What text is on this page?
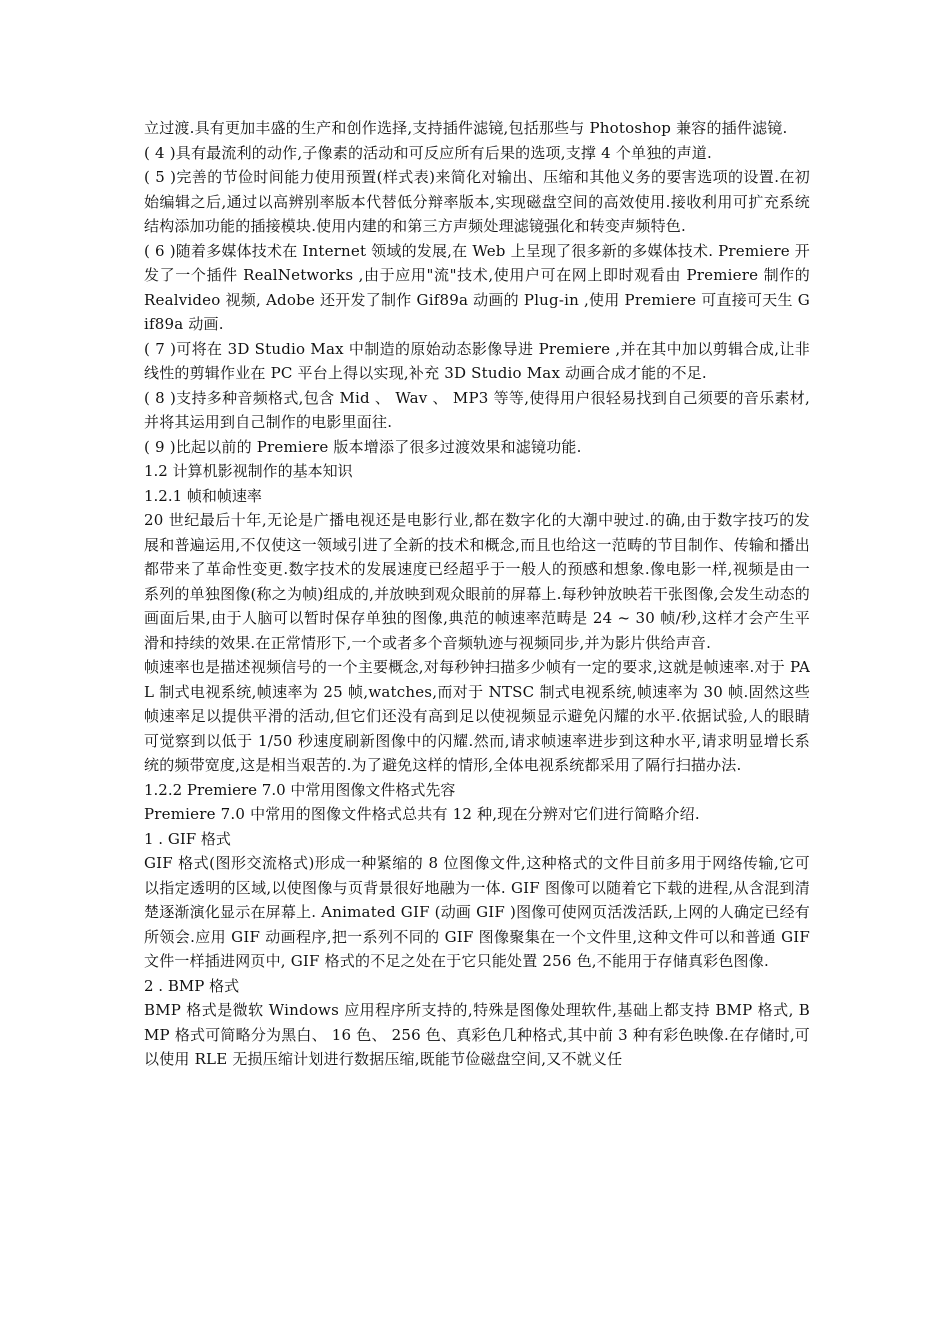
立过渡.具有更加丰盛的生产和创作选择,支持插件滤镜,包括那些与 Photoshop 兼容的插件滤镜.

( 4 )具有最流利的动作,子像素的活动和可反应所有后果的选项,支撑 4 个单独的声道.

( 5 )完善的节俭时间能力使用预置(样式表)来简化对输出、压缩和其他义务的要害选项的设置.在初始编辑之后,通过以高辨别率版本代替低分辩率版本,实现磁盘空间的高效使用.接收利用可扩充系统结构添加功能的插接模块.使用内建的和第三方声频处理滤镜强化和转变声频特色.

( 6 )随着多媒体技术在 Internet 领域的发展,在 Web 上呈现了很多新的多媒体技术. Premiere 开发了一个插件 RealNetworks ,由于应用"流"技术,使用户可在网上即时观看由 Premiere 制作的 Realvideo 视频, Adobe 还开发了制作 Gif89a 动画的 Plug-in ,使用 Premiere 可直接可天生 Gif89a 动画.

( 7 )可将在 3D Studio Max 中制造的原始动态影像导进 Premiere ,并在其中加以剪辑合成,让非线性的剪辑作业在 PC 平台上得以实现,补充 3D Studio Max 动画合成才能的不足.

( 8 )支持多种音频格式,包含 Mid 、 Wav 、 MP3 等等,使得用户很轻易找到自己须要的音乐素材,并将其运用到自己制作的电影里面往.

( 9 )比起以前的 Premiere 版本增添了很多过渡效果和滤镜功能.

1.2 计算机影视制作的基本知识

1.2.1 帧和帧速率

20 世纪最后十年,无论是广播电视还是电影行业,都在数字化的大潮中驶过.的确,由于数字技巧的发展和普遍运用,不仅使这一领域引进了全新的技术和概念,而且也给这一范畴的节目制作、传输和播出都带来了革命性变更.数字技术的发展速度已经超乎于一般人的预感和想象.像电影一样,视频是由一系列的单独图像(称之为帧)组成的,并放映到观众眼前的屏幕上.每秒钟放映若干张图像,会发生动态的画面后果,由于人脑可以暂时保存单独的图像,典范的帧速率范畴是 24 ~ 30 帧/秒,这样才会产生平滑和持续的效果.在正常情形下,一个或者多个音频轨迹与视频同步,并为影片供给声音.

帧速率也是描述视频信号的一个主要概念,对每秒钟扫描多少帧有一定的要求,这就是帧速率.对于 PAL 制式电视系统,帧速率为 25 帧,watches,而对于 NTSC 制式电视系统,帧速率为 30 帧.固然这些帧速率足以提供平滑的活动,但它们还没有高到足以使视频显示避免闪耀的水平.依据试验,人的眼睛可觉察到以低于 1/50 秒速度刷新图像中的闪耀.然而,请求帧速率进步到这种水平,请求明显增长系统的频带宽度,这是相当艰苦的.为了避免这样的情形,全体电视系统都采用了隔行扫描办法.

1.2.2 Premiere 7.0 中常用图像文件格式先容

Premiere 7.0 中常用的图像文件格式总共有 12 种,现在分辨对它们进行简略介绍.

1 . GIF 格式

GIF 格式(图形交流格式)形成一种紧缩的 8 位图像文件,这种格式的文件目前多用于网络传输,它可以指定透明的区域,以使图像与页背景很好地融为一体. GIF 图像可以随着它下载的进程,从含混到清楚逐渐演化显示在屏幕上. Animated GIF (动画 GIF )图像可使网页活泼活跃,上网的人确定已经有所领会.应用 GIF 动画程序,把一系列不同的 GIF 图像聚集在一个文件里,这种文件可以和普通 GIF 文件一样插进网页中, GIF 格式的不足之处在于它只能处置 256 色,不能用于存储真彩色图像.

2 . BMP 格式

BMP 格式是微软 Windows 应用程序所支持的,特殊是图像处理软件,基础上都支持 BMP 格式, BMP 格式可简略分为黑白、 16 色、 256 色、真彩色几种格式,其中前 3 种有彩色映像.在存储时,可以使用 RLE 无损压缩计划进行数据压缩,既能节俭磁盘空间,又不就义任
